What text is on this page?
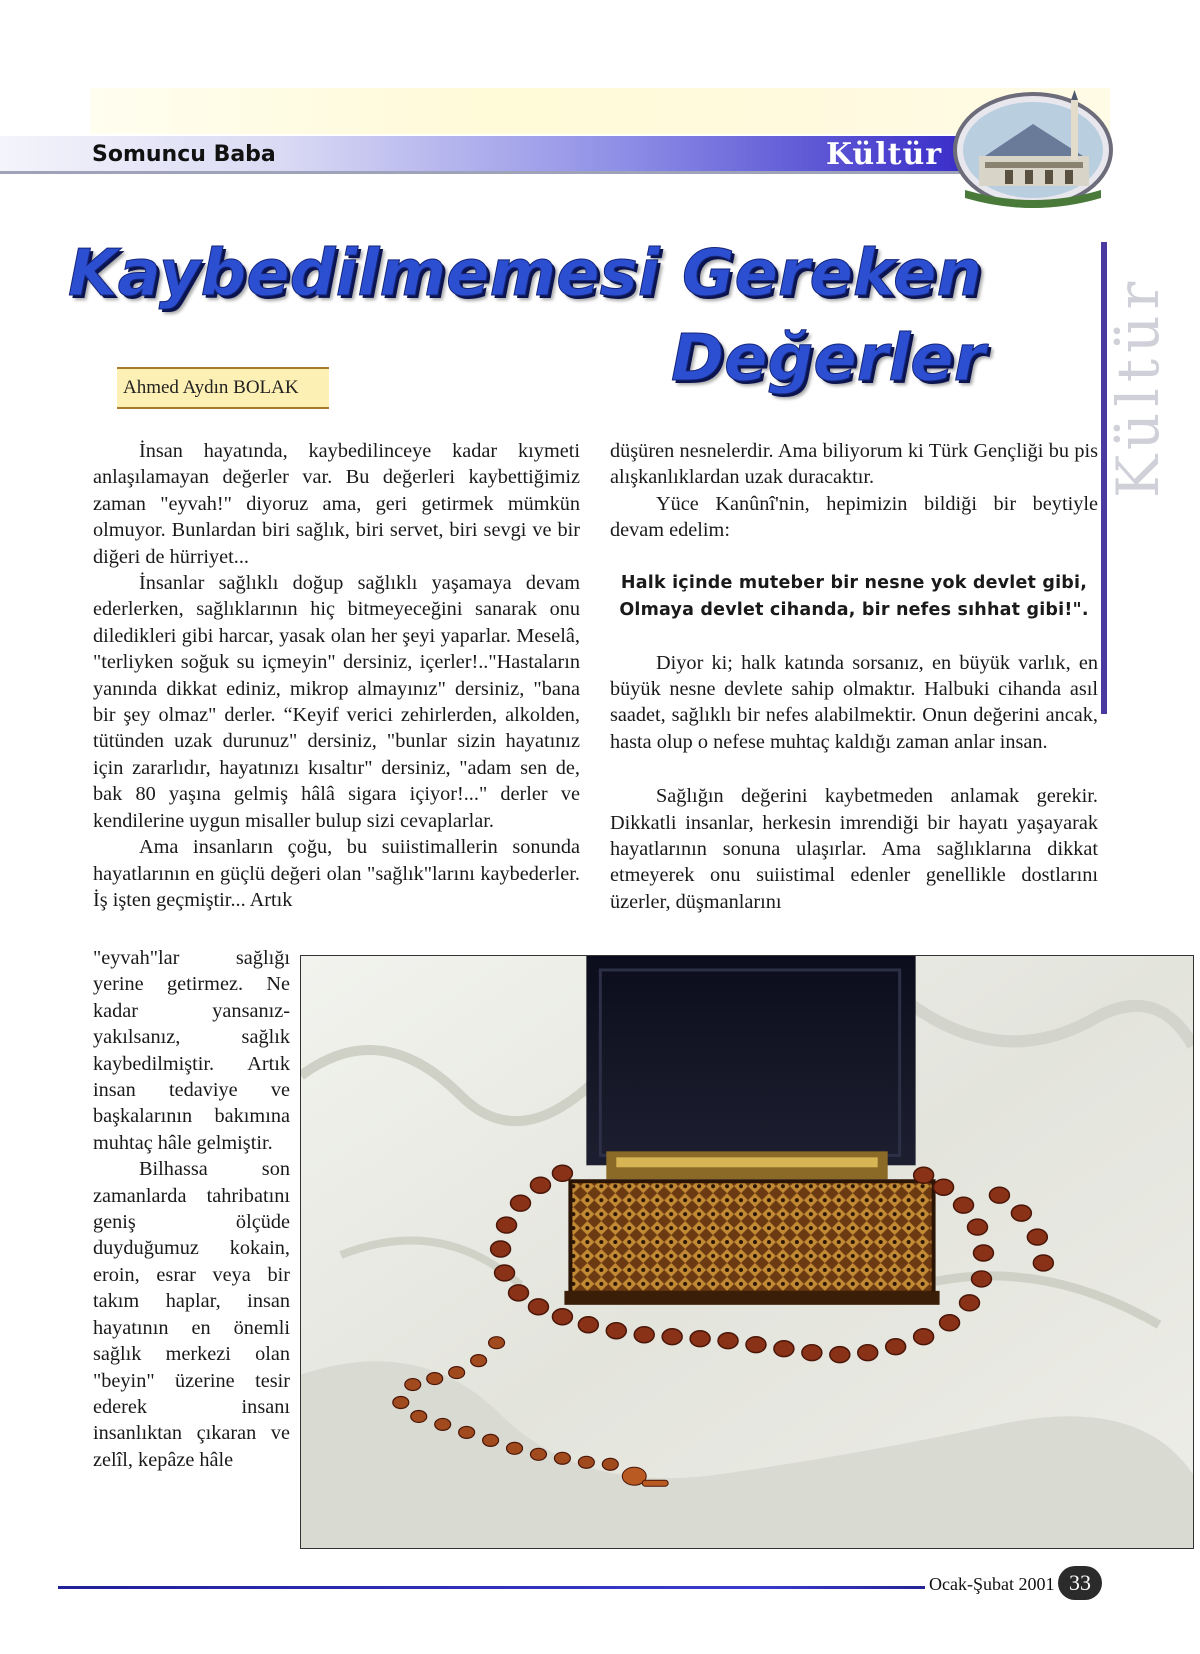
Somuncu Baba	Kültür
Kültür
Kaybedilmemesi Gereken
Değerler
Ahmed Aydın BOLAK

İnsan hayatında, kaybedilinceye kadar kıymeti anlaşılamayan değerler var. Bu değerleri kaybettiğimiz zaman "eyvah!" diyoruz ama, geri getirmek mümkün olmuyor. Bunlardan biri sağlık, biri servet, biri sevgi ve bir diğeri de hürriyet...

İnsanlar sağlıklı doğup sağlıklı yaşamaya devam ederlerken, sağlıklarının hiç bitmeyeceğini sanarak onu diledikleri gibi harcar, yasak olan her şeyi yaparlar. Meselâ, "terliyken soğuk su içmeyin" dersiniz, içerler!.."Hastaların yanında dikkat ediniz, mikrop almayınız" dersiniz, "bana bir şey olmaz" derler. “Keyif verici zehirlerden, alkolden, tütünden uzak durunuz" dersiniz, "bunlar sizin hayatınız için zararlıdır, hayatınızı kısaltır" dersiniz, "adam sen de, bak 80 yaşına gelmiş hâlâ sigara içiyor!..." derler ve kendilerine uygun misaller bulup sizi cevaplarlar.

Ama insanların çoğu, bu suiistimallerin sonunda hayatlarının en güçlü değeri olan "sağlık"larını kaybederler. İş işten geçmiştir... Artık

"eyvah"lar sağlığı yerine getirmez. Ne kadar yansanız-yakılsanız, sağlık kaybedilmiştir. Artık insan tedaviye ve başkalarının bakımına muhtaç hâle gelmiştir.

Bilhassa son zamanlarda tahribatını geniş ölçüde duyduğumuz kokain, eroin, esrar veya bir takım haplar, insan hayatının en önemli sağlık merkezi olan "beyin" üzerine tesir ederek insanı insanlıktan çıkaran ve zelîl, kepâze hâle

düşüren nesnelerdir. Ama biliyorum ki Türk Gençliği bu pis alışkanlıklardan uzak duracaktır.

Yüce Kanûnî'nin, hepimizin bildiği bir beytiyle devam edelim:

Halk içinde muteber bir nesne yok devlet gibi,
Olmaya devlet cihanda, bir nefes sıhhat gibi!".

Diyor ki; halk katında sorsanız, en büyük varlık, en büyük nesne devlete sahip olmaktır. Halbuki cihanda asıl saadet, sağlıklı bir nefes alabilmektir. Onun değerini ancak, hasta olup o nefese muhtaç kaldığı zaman anlar insan.

Sağlığın değerini kaybetmeden anlamak gerekir. Dikkatli insanlar, herkesin imrendiği bir hayatı yaşayarak hayatlarının sonuna ulaşırlar. Ama sağlıklarına dikkat etmeyerek onu suiistimal edenler genellikle dostlarını üzerler, düşmanlarını

Ocak-Şubat 2001 33
